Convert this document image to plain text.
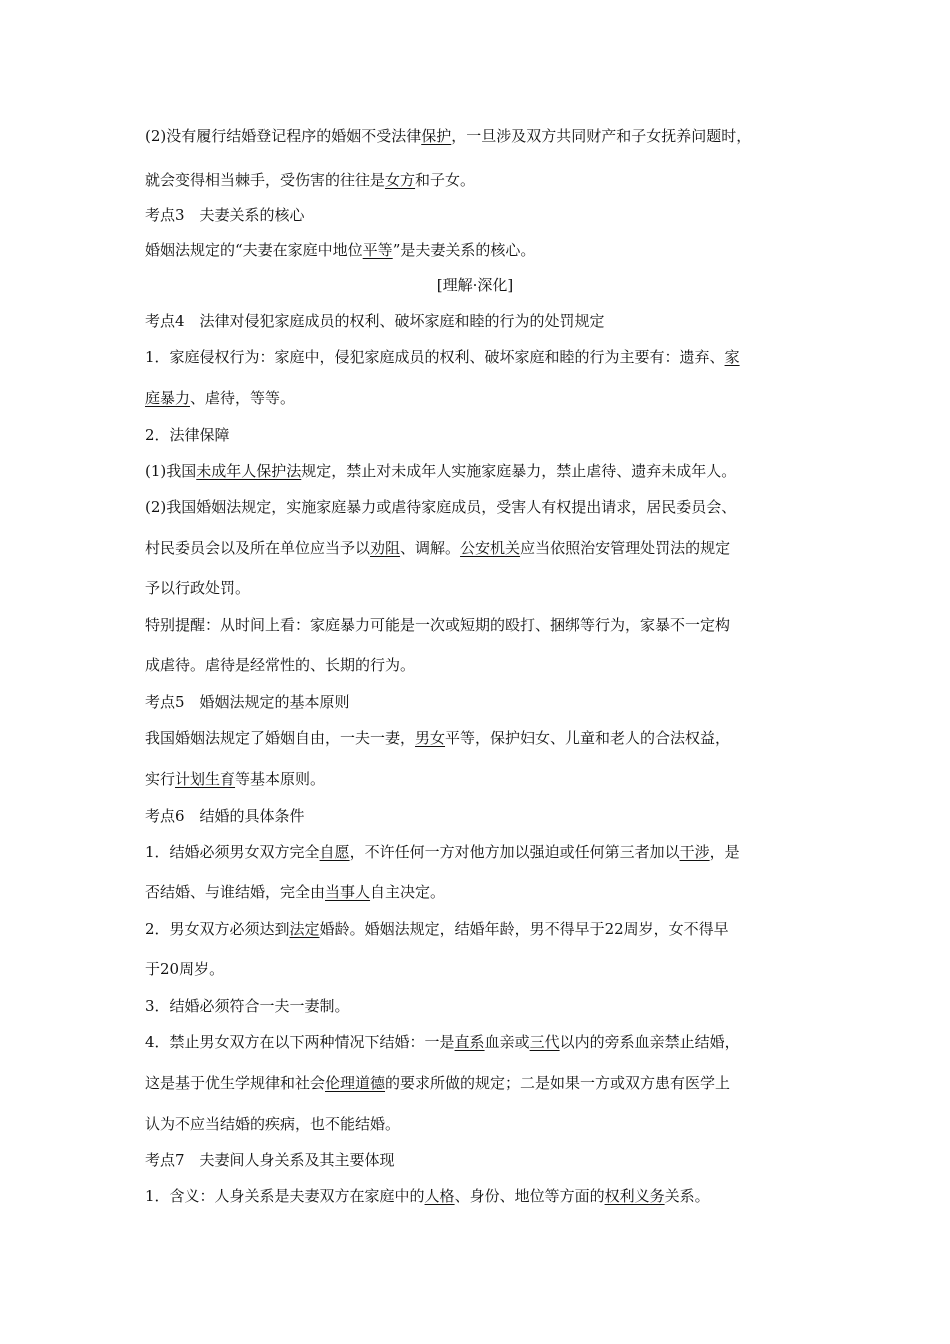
(2)没有履行结婚登记程序的婚姻不受法律保护，一旦涉及双方共同财产和子女抚养问题时，
就会变得相当棘手，受伤害的往往是女方和子女。
考点3　夫妻关系的核心
婚姻法规定的“夫妻在家庭中地位平等”是夫妻关系的核心。
[理解·深化]
考点4　法律对侵犯家庭成员的权利、破坏家庭和睦的行为的处罚规定
1．家庭侵权行为：家庭中，侵犯家庭成员的权利、破坏家庭和睦的行为主要有：遗弃、家
庭暴力、虐待，等等。
2．法律保障
(1)我国未成年人保护法规定，禁止对未成年人实施家庭暴力，禁止虐待、遗弃未成年人。
(2)我国婚姻法规定，实施家庭暴力或虐待家庭成员，受害人有权提出请求，居民委员会、
村民委员会以及所在单位应当予以劝阻、调解。公安机关应当依照治安管理处罚法的规定
予以行政处罚。
特别提醒：从时间上看：家庭暴力可能是一次或短期的殴打、捆绑等行为，家暴不一定构
成虐待。虐待是经常性的、长期的行为。
考点5　婚姻法规定的基本原则
我国婚姻法规定了婚姻自由，一夫一妻，男女平等，保护妇女、儿童和老人的合法权益，
实行计划生育等基本原则。
考点6　结婚的具体条件
1．结婚必须男女双方完全自愿，不许任何一方对他方加以强迫或任何第三者加以干涉，是
否结婚、与谁结婚，完全由当事人自主决定。
2．男女双方必须达到法定婚龄。婚姻法规定，结婚年龄，男不得早于22周岁，女不得早
于20周岁。
3．结婚必须符合一夫一妻制。
4．禁止男女双方在以下两种情况下结婚：一是直系血亲或三代以内的旁系血亲禁止结婚，
这是基于优生学规律和社会伦理道德的要求所做的规定；二是如果一方或双方患有医学上
认为不应当结婚的疾病，也不能结婚。
考点7　夫妻间人身关系及其主要体现
1．含义：人身关系是夫妻双方在家庭中的人格、身份、地位等方面的权利义务关系。
